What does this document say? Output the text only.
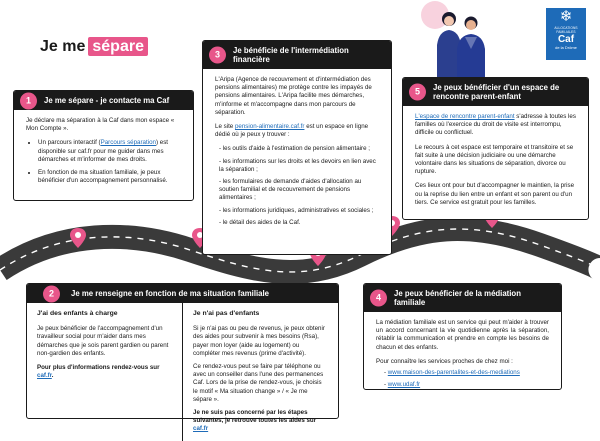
Je me sépare
❄
ALLOCATIONS FAMILIALES
Caf
de la Drôme
1	Je me sépare - je contacte ma Caf

Je déclare ma séparation à la Caf dans mon espace « Mon Compte ».

• Un parcours interactif (Parcours séparation) est disponible sur caf.fr pour me guider dans mes démarches et m'informer de mes droits.
• En fonction de ma situation familiale, je peux bénéficier d'un accompagnement personnalisé.
3	Je bénéficie de l'intermédiation financière

L'Aripa (Agence de recouvrement et d'intermédiation des pensions alimentaires) me protège contre les impayés de pensions alimentaires. L'Aripa facilite mes démarches, m'informe et m'accompagne dans mon parcours de séparation.

Le site pension-alimentaire.caf.fr est un espace en ligne dédié où je peux y trouver :

- les outils d'aide à l'estimation de pension alimentaire ;
- les informations sur les droits et les devoirs en lien avec la séparation ;
- les formulaires de demande d'aides d'allocation au soutien familial et de recouvrement de pensions alimentaires ;
- les informations juridiques, administratives et sociales ;
- le détail des aides de la Caf.
5	Je peux bénéficier d'un espace de rencontre parent-enfant

L'espace de rencontre parent-enfant s'adresse à toutes les familles où l'exercice du droit de visite est interrompu, difficile ou conflictuel.

Le recours à cet espace est temporaire et transitoire et se fait suite à une décision judiciaire ou une démarche volontaire dans les situations de séparation, divorce ou rupture.

Ces lieux ont pour but d'accompagner le maintien, la prise ou la reprise du lien entre un enfant et son parent ou d'un tiers. Ce service est gratuit pour les familles.

2	Je me renseigne en fonction de ma situation familiale
J'ai des enfants à charge

Je peux bénéficier de l'accompagnement d'un travailleur social pour m'aider dans mes démarches que je sois parent gardien ou parent non-gardien des enfants.

Pour plus d'informations rendez-vous sur caf.fr.

Je n'ai pas d'enfants

Si je n'ai pas ou peu de revenus, je peux obtenir des aides pour subvenir à mes besoins (Rsa), payer mon loyer (aide au logement) ou compléter mes revenus (prime d'activité).

Ce rendez-vous peut se faire par téléphone ou avec un conseiller dans l'une des permanences Caf. Lors de la prise de rendez-vous, je choisis le motif « Ma situation change » / « Je me sépare ».

Je ne suis pas concerné par les étapes suivantes, je retrouve toutes les aides sur caf.fr

4	Je peux bénéficier de la médiation familiale

La médiation familiale est un service qui peut m'aider à trouver un accord concernant la vie quotidienne après la séparation, rétablir la communication et prendre en compte les besoins de chacun et des enfants.

Pour connaître les services proches de chez moi :

- www.maison-des-parentalites-et-des-mediations
- www.udaf.fr
